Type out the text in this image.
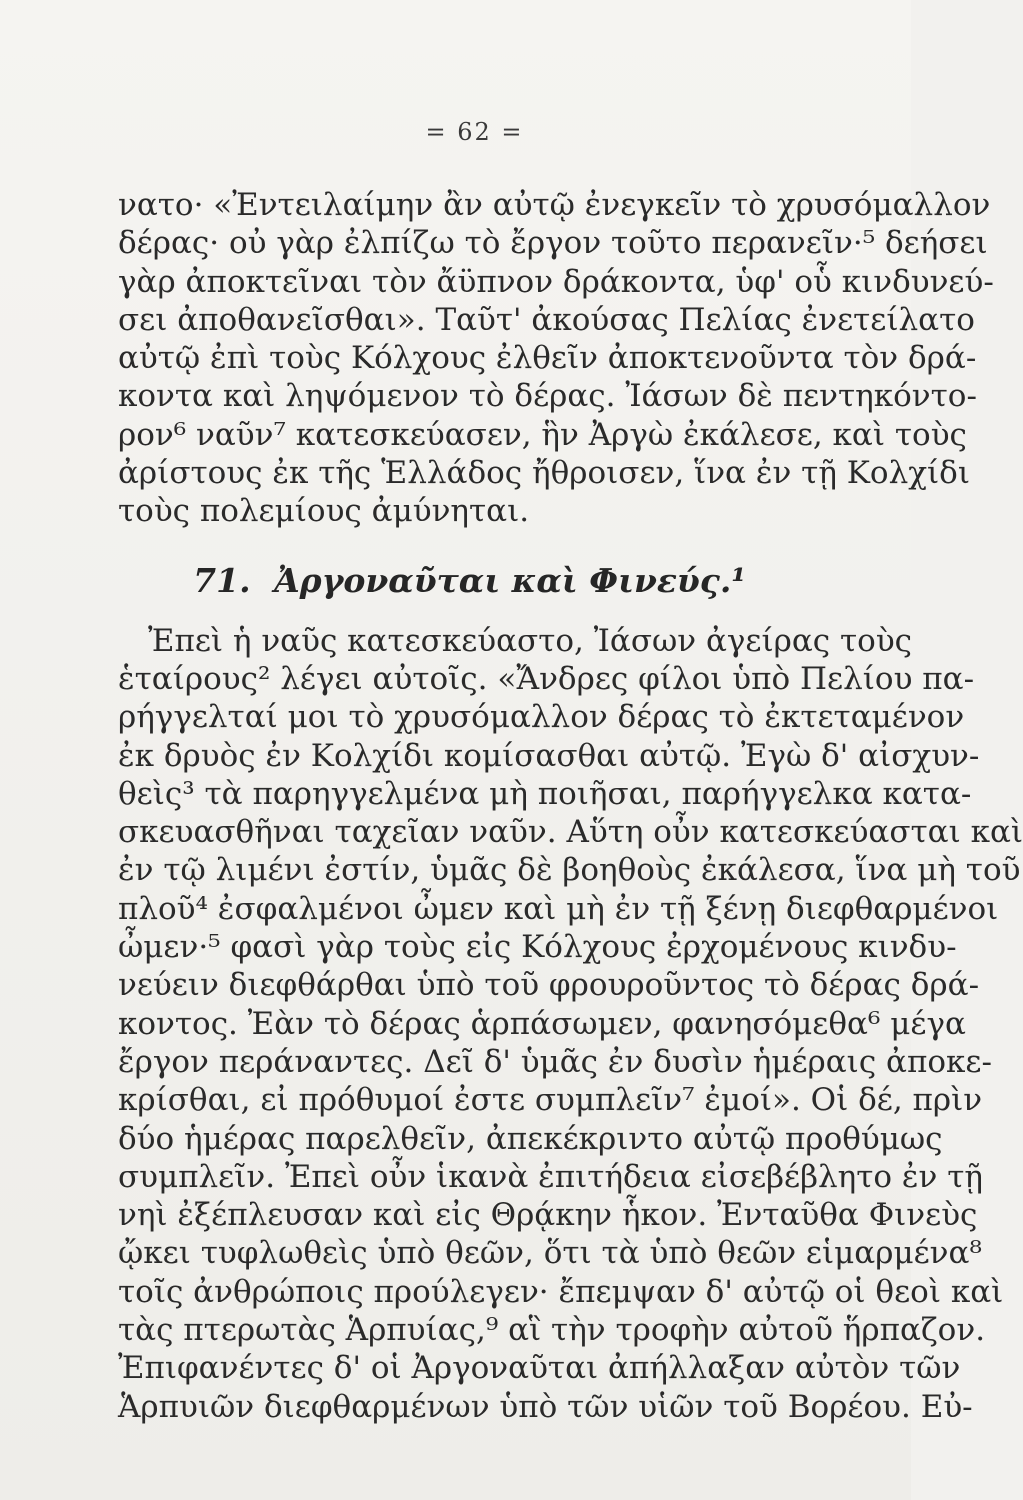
= 62 =
νατο· «Ἐντειλαίμην ἂν αὐτῷ ἐνεγκεῖν τὸ χρυσόμαλλον
δέρας· οὐ γὰρ ἐλπίζω τὸ ἔργον τοῦτο περανεῖν·⁵ δεήσει
γὰρ ἀποκτεῖναι τὸν ἄϋπνον δράκοντα, ὑφ' οὗ κινδυνεύ-
σει ἀποθανεῖσθαι». Ταῦτ' ἀκούσας Πελίας ἐνετείλατο
αὐτῷ ἐπὶ τοὺς Κόλχους ἐλθεῖν ἀποκτενοῦντα τὸν δρά-
κοντα καὶ ληψόμενον τὸ δέρας. Ἰάσων δὲ πεντηκόντο-
ρον⁶ ναῦν⁷ κατεσκεύασεν, ἣν Ἀργὼ ἐκάλεσε, καὶ τοὺς
ἀρίστους ἐκ τῆς Ἑλλάδος ἤθροισεν, ἵνα ἐν τῇ Κολχίδι
τοὺς πολεμίους ἀμύνηται.
71. Ἀργοναῦται καὶ Φινεύς.¹
Ἐπεὶ ἡ ναῦς κατεσκεύαστο, Ἰάσων ἀγείρας τοὺς
ἑταίρους² λέγει αὐτοῖς. «Ἄνδρες φίλοι ὑπὸ Πελίου πα-
ρήγγελταί μοι τὸ χρυσόμαλλον δέρας τὸ ἐκτεταμένον
ἐκ δρυὸς ἐν Κολχίδι κομίσασθαι αὐτῷ. Ἐγὼ δ' αἰσχυν-
θεὶς³ τὰ παρηγγελμένα μὴ ποιῆσαι, παρήγγελκα κατα-
σκευασθῆναι ταχεῖαν ναῦν. Αὕτη οὖν κατεσκεύασται καὶ
ἐν τῷ λιμένι ἐστίν, ὑμᾶς δὲ βοηθοὺς ἐκάλεσα, ἵνα μὴ τοῦ
πλοῦ⁴ ἐσφαλμένοι ὦμεν καὶ μὴ ἐν τῇ ξένῃ διεφθαρμένοι
ὦμεν·⁵ φασὶ γὰρ τοὺς εἰς Κόλχους ἐρχομένους κινδυ-
νεύειν διεφθάρθαι ὑπὸ τοῦ φρουροῦντος τὸ δέρας δρά-
κοντος. Ἐὰν τὸ δέρας ἁρπάσωμεν, φανησόμεθα⁶ μέγα
ἔργον περάναντες. Δεῖ δ' ὑμᾶς ἐν δυσὶν ἡμέραις ἀποκε-
κρίσθαι, εἰ πρόθυμοί ἐστε συμπλεῖν⁷ ἐμοί». Οἱ δέ, πρὶν
δύο ἡμέρας παρελθεῖν, ἀπεκέκριντο αὐτῷ προθύμως
συμπλεῖν. Ἐπεὶ οὖν ἱκανὰ ἐπιτήδεια εἰσεβέβλητο ἐν τῇ
νηὶ ἐξέπλευσαν καὶ εἰς Θρᾴκην ἧκον. Ἐνταῦθα Φινεὺς
ᾤκει τυφλωθεὶς ὑπὸ θεῶν, ὅτι τὰ ὑπὸ θεῶν εἱμαρμένα⁸
τοῖς ἀνθρώποις προύλεγεν· ἔπεμψαν δ' αὐτῷ οἱ θεοὶ καὶ
τὰς πτερωτὰς Ἁρπυίας,⁹ αἳ τὴν τροφὴν αὐτοῦ ἥρπαζον.
Ἐπιφανέντες δ' οἱ Ἀργοναῦται ἀπήλλαξαν αὐτὸν τῶν
Ἁρπυιῶν διεφθαρμένων ὑπὸ τῶν υἱῶν τοῦ Βορέου. Εὐ-
